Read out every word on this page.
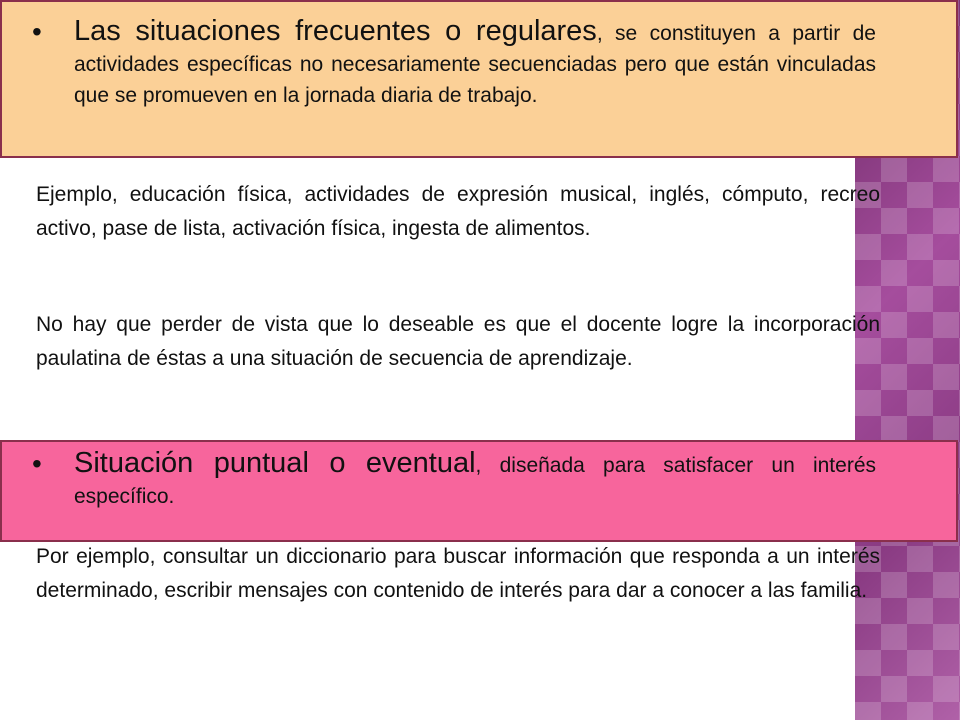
•	Las situaciones frecuentes o regulares, se constituyen a partir de actividades específicas no necesariamente secuenciadas pero que están vinculadas que se promueven en la jornada diaria de trabajo.
Ejemplo, educación física, actividades de expresión musical, inglés, cómputo, recreo activo, pase de lista, activación física, ingesta de alimentos.
No hay que perder de vista que lo deseable es que el docente logre la incorporación paulatina de éstas a una situación de secuencia de aprendizaje.
•	Situación puntual o eventual, diseñada para satisfacer un interés específico.
Por ejemplo, consultar un diccionario para buscar información que responda a un interés determinado, escribir mensajes con contenido de interés para dar a conocer a las familia.
